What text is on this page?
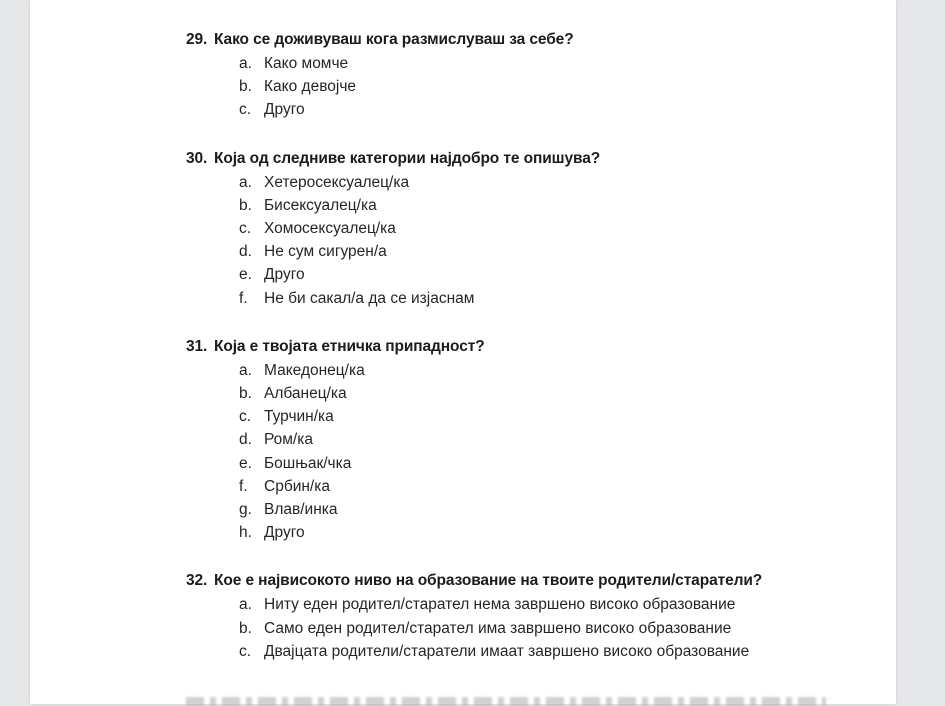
29. Како се доживуваш кога размислуваш за себе?
a. Како момче
b. Како девојче
c. Друго
30. Која од следниве категории најдобро те опишува?
a. Хетеросексуалец/ка
b. Бисексуалец/ка
c. Хомосексуалец/ка
d. Не сум сигурен/а
e. Друго
f.	Не би сакал/а да се изјаснам
31. Која е твојата етничка припадност?
a. Македонец/ка
b. Албанец/ка
c. Турчин/ка
d. Ром/ка
e. Бошњак/чка
f.	Србин/ка
g. Влав/инка
h. Друго
32. Кое е највисокото ниво на образование на твоите родители/старатели?
a. Ниту еден родител/старател нема завршено високо образование
b. Само еден родител/старател има завршено високо образование
c. Двајцата родители/старатели имаат завршено високо образование
